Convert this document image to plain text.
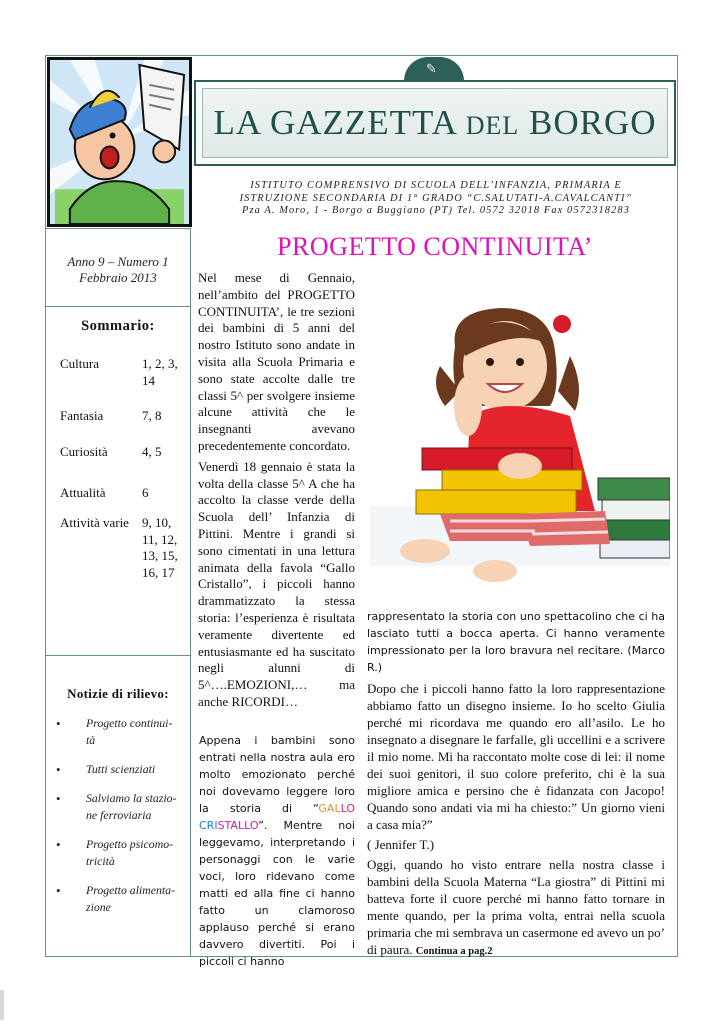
✎
LA GAZZETTA DEL BORGO
ISTITUTO COMPRENSIVO DI SCUOLA DELL’INFANZIA, PRIMARIA E
ISTRUZIONE SECONDARIA DI 1° GRADO “C.SALUTATI-A.CAVALCANTI”
Pza A. Moro, 1 - Borgo a Buggiano (PT) Tel. 0572 32018 Fax 0572318283
Anno 9 – Numero 1
Febbraio 2013
Sommario:
Cultura	1, 2, 3, 14
Fantasia	7, 8
Curiosità	4, 5
Attualità	6
Attività varie	9, 10, 11, 12, 13, 15, 16, 17
Notizie di rilievo:
• Progetto continui-
tà
• Tutti scienziati
• Salviamo la stazio-
ne ferroviaria
• Progetto psicomo-
tricità
• Progetto alimenta-
zione
PROGETTO CONTINUITA’

Nel mese di Gennaio, nell’ambito del PROGETTO CONTINUITA’, le tre sezioni dei bambini di 5 anni del nostro Istituto sono andate in visita alla Scuola Primaria e sono state accolte dalle tre classi 5^ per svolgere insieme alcune attività che le insegnanti avevano precedentemente concordato.

Venerdì 18 gennaio è stata la volta della classe 5^ A che ha accolto la classe verde della Scuola dell’ Infanzia di Pittini. Mentre i grandi si sono cimentati in una lettura animata della favola “Gallo Cristallo”, i piccoli hanno drammatizzato la stessa storia: l’esperienza è risultata veramente divertente ed entusiasmante ed ha suscitato negli alunni di 5^….EMOZIONI,… ma anche RICORDI…

Appena i bambini sono entrati nella nostra aula ero molto emozionato perché noi dovevamo leggere loro la storia di “GALLO CRISTALLO”. Mentre noi leggevamo, interpretando i personaggi con le varie voci, loro ridevano come matti ed alla fine ci hanno fatto un clamoroso applauso perché si erano davvero divertiti. Poi i piccoli ci hanno
rappresentato la storia con uno spettacolino che ci ha lasciato tutti a bocca aperta. Ci hanno veramente impressionato per la loro bravura nel recitare. (Marco R.)

Dopo che i piccoli hanno fatto la loro rappresentazione abbiamo fatto un disegno insieme. Io ho scelto Giulia perché mi ricordava me quando ero all’asilo. Le ho insegnato a disegnare le farfalle, gli uccellini e a scrivere il mio nome. Mi ha raccontato molte cose di lei: il nome dei suoi genitori, il suo colore preferito, chi è la sua migliore amica e persino che è fidanzata con Jacopo! Quando sono andati via mi ha chiesto:” Un giorno vieni a casa mia?”

( Jennifer T.)

Oggi, quando ho visto entrare nella nostra classe i bambini della Scuola Materna “La giostra” di Pittini mi batteva forte il cuore perché mi hanno fatto tornare in mente quando, per la prima volta, entrai nella scuola primaria che mi sembrava un casermone ed avevo un po’ di paura. Continua a pag.2
